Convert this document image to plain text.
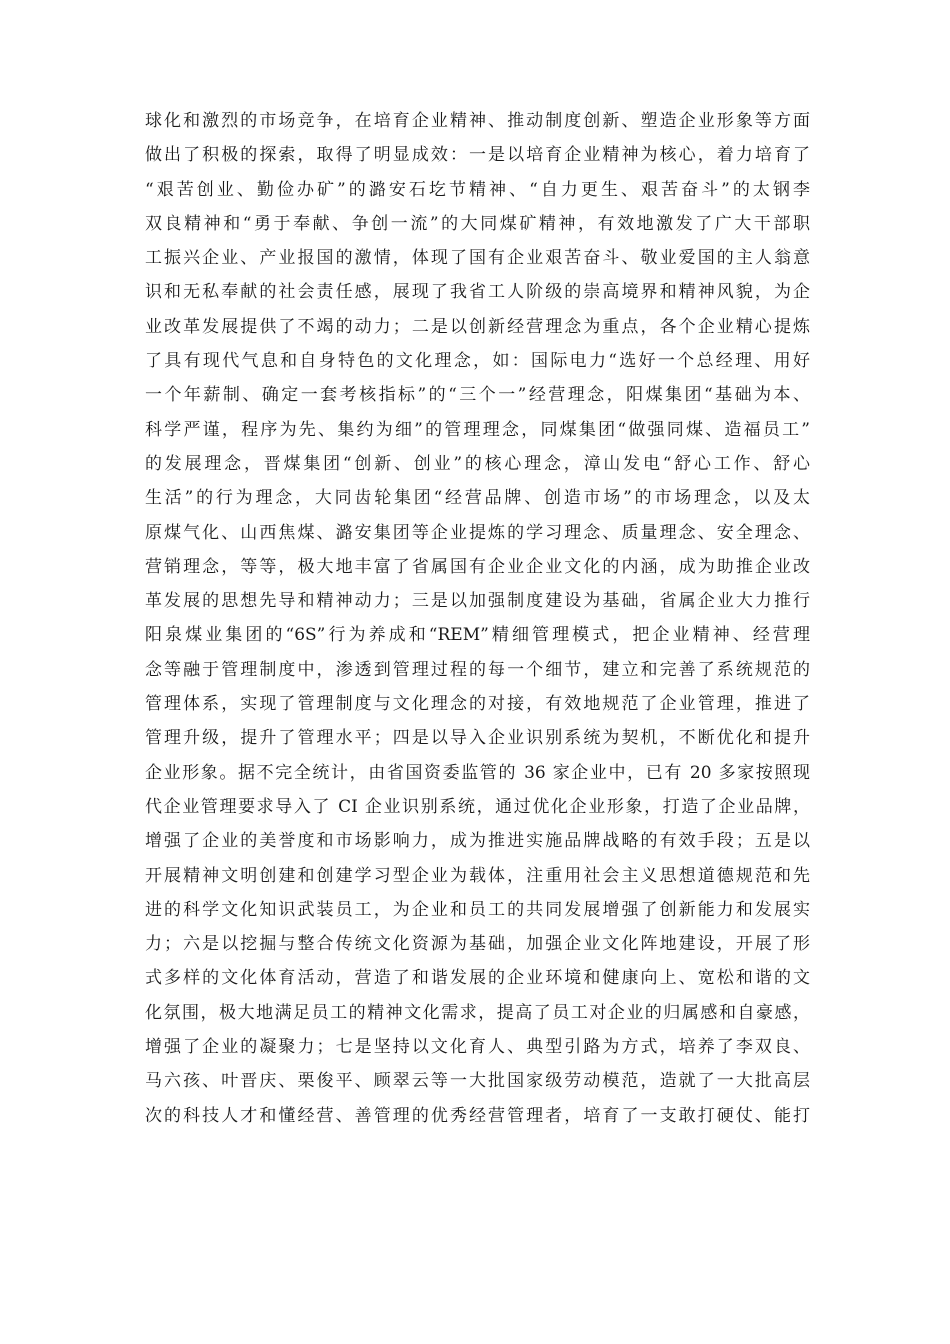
球化和激烈的市场竞争，在培育企业精神、推动制度创新、塑造企业形象等方面
做出了积极的探索，取得了明显成效：一是以培育企业精神为核心，着力培育了
“艰苦创业、勤俭办矿”的潞安石圪节精神、“自力更生、艰苦奋斗”的太钢李
双良精神和“勇于奉献、争创一流”的大同煤矿精神，有效地激发了广大干部职
工振兴企业、产业报国的激情，体现了国有企业艰苦奋斗、敬业爱国的主人翁意
识和无私奉献的社会责任感，展现了我省工人阶级的崇高境界和精神风貌，为企
业改革发展提供了不竭的动力；二是以创新经营理念为重点，各个企业精心提炼
了具有现代气息和自身特色的文化理念，如：国际电力“选好一个总经理、用好
一个年薪制、确定一套考核指标”的“三个一”经营理念，阳煤集团“基础为本、
科学严谨，程序为先、集约为细”的管理理念，同煤集团“做强同煤、造福员工”
的发展理念，晋煤集团“创新、创业”的核心理念，漳山发电“舒心工作、舒心
生活”的行为理念，大同齿轮集团“经营品牌、创造市场”的市场理念，以及太
原煤气化、山西焦煤、潞安集团等企业提炼的学习理念、质量理念、安全理念、
营销理念，等等，极大地丰富了省属国有企业企业文化的内涵，成为助推企业改
革发展的思想先导和精神动力；三是以加强制度建设为基础，省属企业大力推行
阳泉煤业集团的“6S”行为养成和“REM”精细管理模式，把企业精神、经营理
念等融于管理制度中，渗透到管理过程的每一个细节，建立和完善了系统规范的
管理体系，实现了管理制度与文化理念的对接，有效地规范了企业管理，推进了
管理升级，提升了管理水平；四是以导入企业识别系统为契机，不断优化和提升
企业形象。据不完全统计，由省国资委监管的 36 家企业中，已有 20 多家按照现
代企业管理要求导入了 CI 企业识别系统，通过优化企业形象，打造了企业品牌，
增强了企业的美誉度和市场影响力，成为推进实施品牌战略的有效手段；五是以
开展精神文明创建和创建学习型企业为载体，注重用社会主义思想道德规范和先
进的科学文化知识武装员工，为企业和员工的共同发展增强了创新能力和发展实
力；六是以挖掘与整合传统文化资源为基础，加强企业文化阵地建设，开展了形
式多样的文化体育活动，营造了和谐发展的企业环境和健康向上、宽松和谐的文
化氛围，极大地满足员工的精神文化需求，提高了员工对企业的归属感和自豪感，
增强了企业的凝聚力；七是坚持以文化育人、典型引路为方式，培养了李双良、
马六孩、叶晋庆、栗俊平、顾翠云等一大批国家级劳动模范，造就了一大批高层
次的科技人才和懂经营、善管理的优秀经营管理者，培育了一支敢打硬仗、能打
